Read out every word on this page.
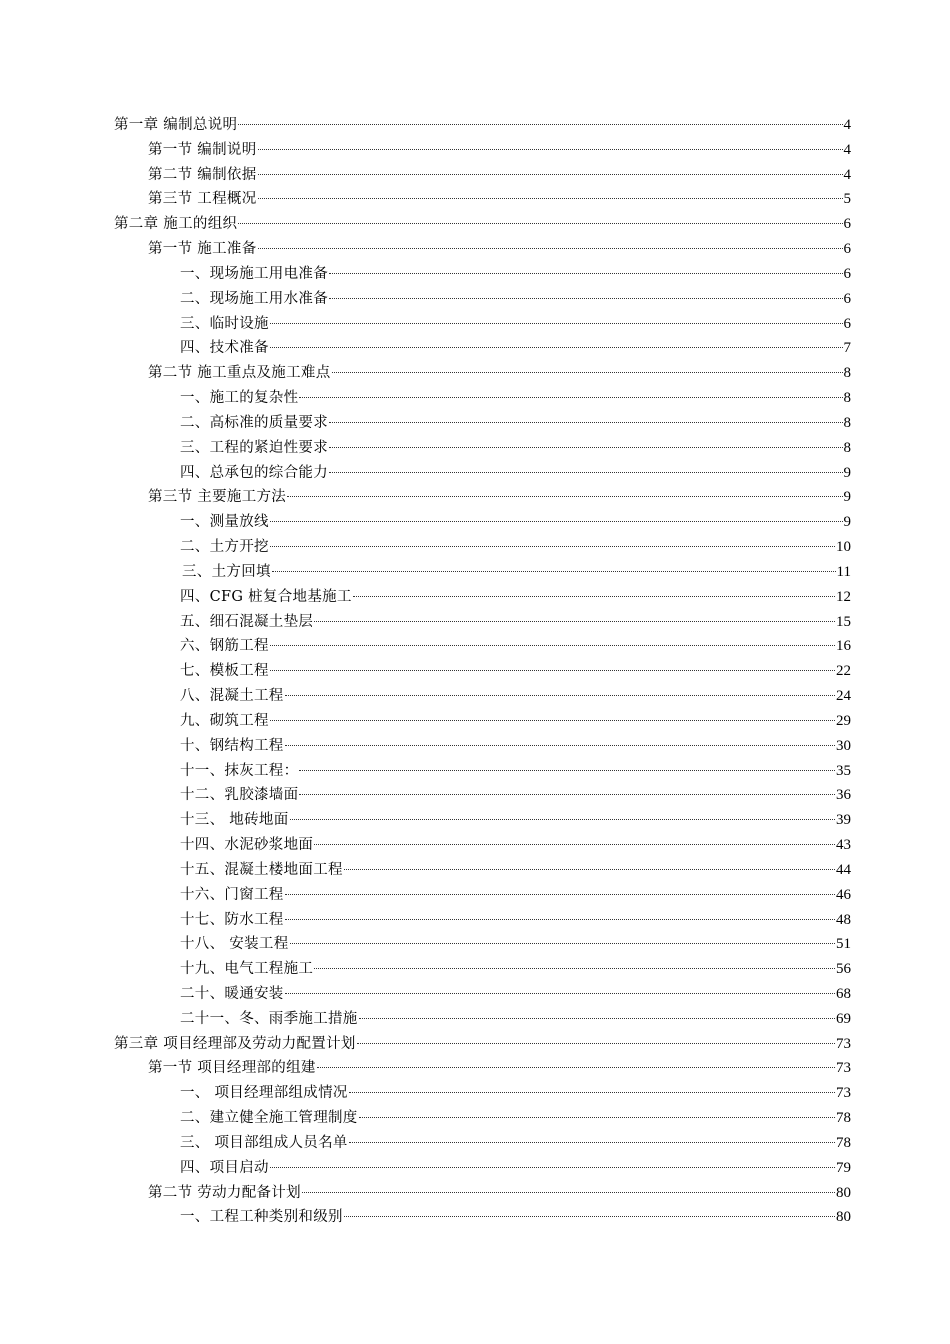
第一章 编制总说明	4
第一节 编制说明	4
第二节 编制依据	4
第三节 工程概况	5
第二章 施工的组织	6
第一节 施工准备	6
一、现场施工用电准备	6
二、现场施工用水准备	6
三、临时设施	6
四、技术准备	7
第二节 施工重点及施工难点	8
一、施工的复杂性	8
二、高标准的质量要求	8
三、工程的紧迫性要求	8
四、总承包的综合能力	9
第三节 主要施工方法	9
一、测量放线	9
二、土方开挖	10
三、土方回填	11
四、CFG 桩复合地基施工	12
五、细石混凝土垫层	15
六、钢筋工程	16
七、模板工程	22
八、混凝土工程	24
九、砌筑工程	29
十、钢结构工程	30
十一、抹灰工程：	35
十二、乳胶漆墙面	36
十三、 地砖地面	39
十四、水泥砂浆地面	43
十五、混凝土楼地面工程	44
十六、门窗工程	46
十七、防水工程	48
十八、 安装工程	51
十九、电气工程施工	56
二十、暖通安装	68
二十一、冬、雨季施工措施	69
第三章 项目经理部及劳动力配置计划	73
第一节 项目经理部的组建	73
一、 项目经理部组成情况	73
二、建立健全施工管理制度	78
三、 项目部组成人员名单	78
四、项目启动	79
第二节 劳动力配备计划	80
一、工程工种类别和级别	80
